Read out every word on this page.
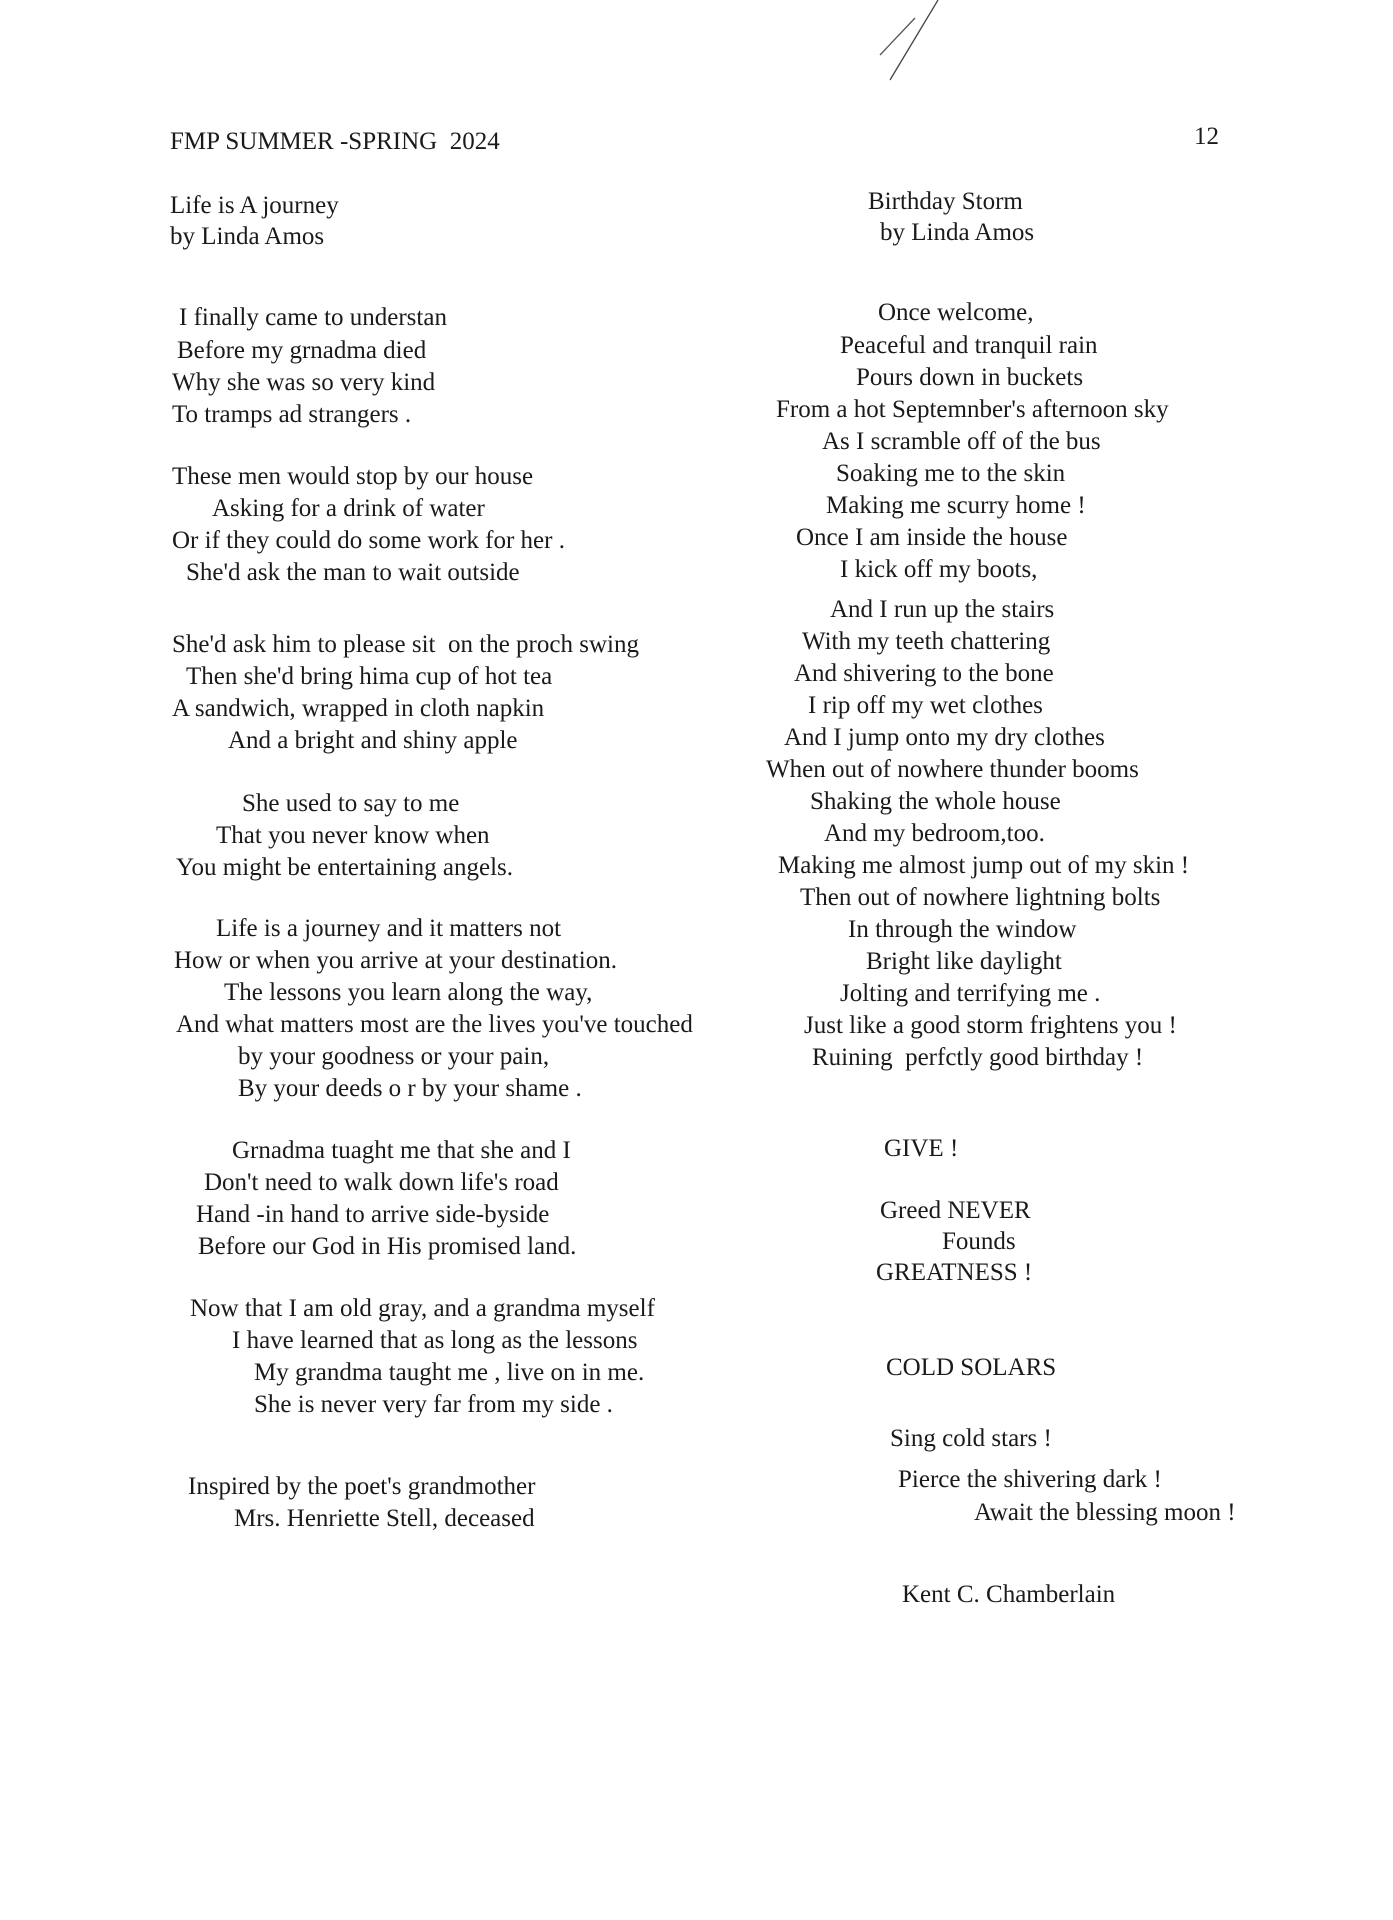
FMP SUMMER -SPRING  2024	12
Life is A journey
by Linda Amos
I finally came to understan
Before my grnadma died
Why she was so very kind
To tramps ad strangers .
These men would stop by our house
Asking for a drink of water
Or if they could do some work for her .
She'd ask the man to wait outside
She'd ask him to please sit  on the proch swing
Then she'd bring hima cup of hot tea
A sandwich, wrapped in cloth napkin
And a bright and shiny apple
She used to say to me
That you never know when
You might be entertaining angels.
Life is a journey and it matters not
How or when you arrive at your destination.
The lessons you learn along the way,
And what matters most are the lives you've touched
by your goodness or your pain,
By your deeds o r by your shame .
Grnadma tuaght me that she and I
Don't need to walk down life's road
Hand -in hand to arrive side-byside
Before our God in His promised land.
Now that I am old gray, and a grandma myself
I have learned that as long as the lessons
My grandma taught me , live on in me.
She is never very far from my side .
Inspired by the poet's grandmother
Mrs. Henriette Stell, deceased
Birthday Storm
by Linda Amos
Once welcome,
Peaceful and tranquil rain
Pours down in buckets
From a hot Septemnber's afternoon sky
As I scramble off of the bus
Soaking me to the skin
Making me scurry home !
Once I am inside the house
I kick off my boots,
And I run up the stairs
With my teeth chattering
And shivering to the bone
I rip off my wet clothes
And I jump onto my dry clothes
When out of nowhere thunder booms
Shaking the whole house
And my bedroom,too.
Making me almost jump out of my skin !
Then out of nowhere lightning bolts
In through the window
Bright like daylight
Jolting and terrifying me .
Just like a good storm frightens you !
Ruining  perfctly good birthday !
GIVE !
Greed NEVER
Founds
GREATNESS !
COLD SOLARS
Sing cold stars !
Pierce the shivering dark !
Await the blessing moon !
Kent C. Chamberlain
